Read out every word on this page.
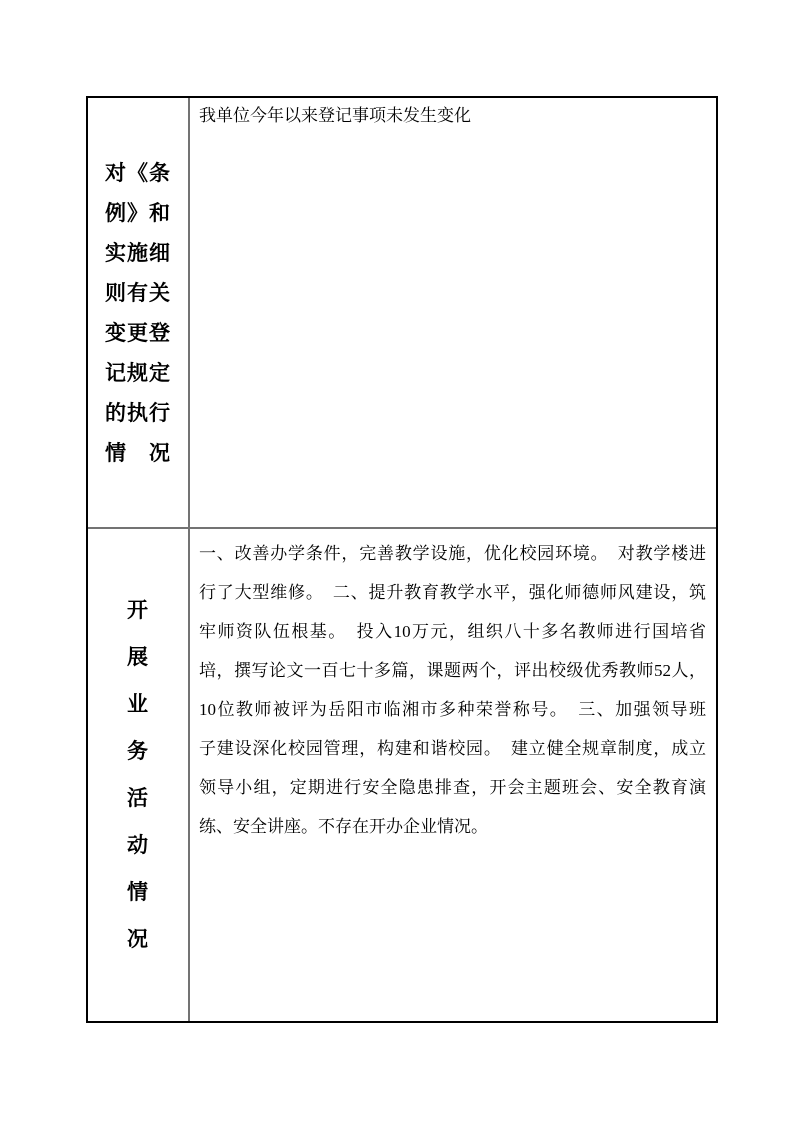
对《条
例》和
实施细
则有关
变更登
记规定
的执行
情　况
我单位今年以来登记事项未发生变化
开
展
业
务
活
动
情
况
一、改善办学条件，完善教学设施，优化校园环境。　对教学楼进
行了大型维修。　二、提升教育教学水平，强化师德师风建设，筑
牢师资队伍根基。　投入10万元，组织八十多名教师进行国培省
培，撰写论文一百七十多篇，课题两个，评出校级优秀教师52人，
10位教师被评为岳阳市临湘市多种荣誉称号。　三、加强领导班
子建设深化校园管理，构建和谐校园。　建立健全规章制度，成立
领导小组，定期进行安全隐患排查，开会主题班会、安全教育演
练、安全讲座。不存在开办企业情况。
